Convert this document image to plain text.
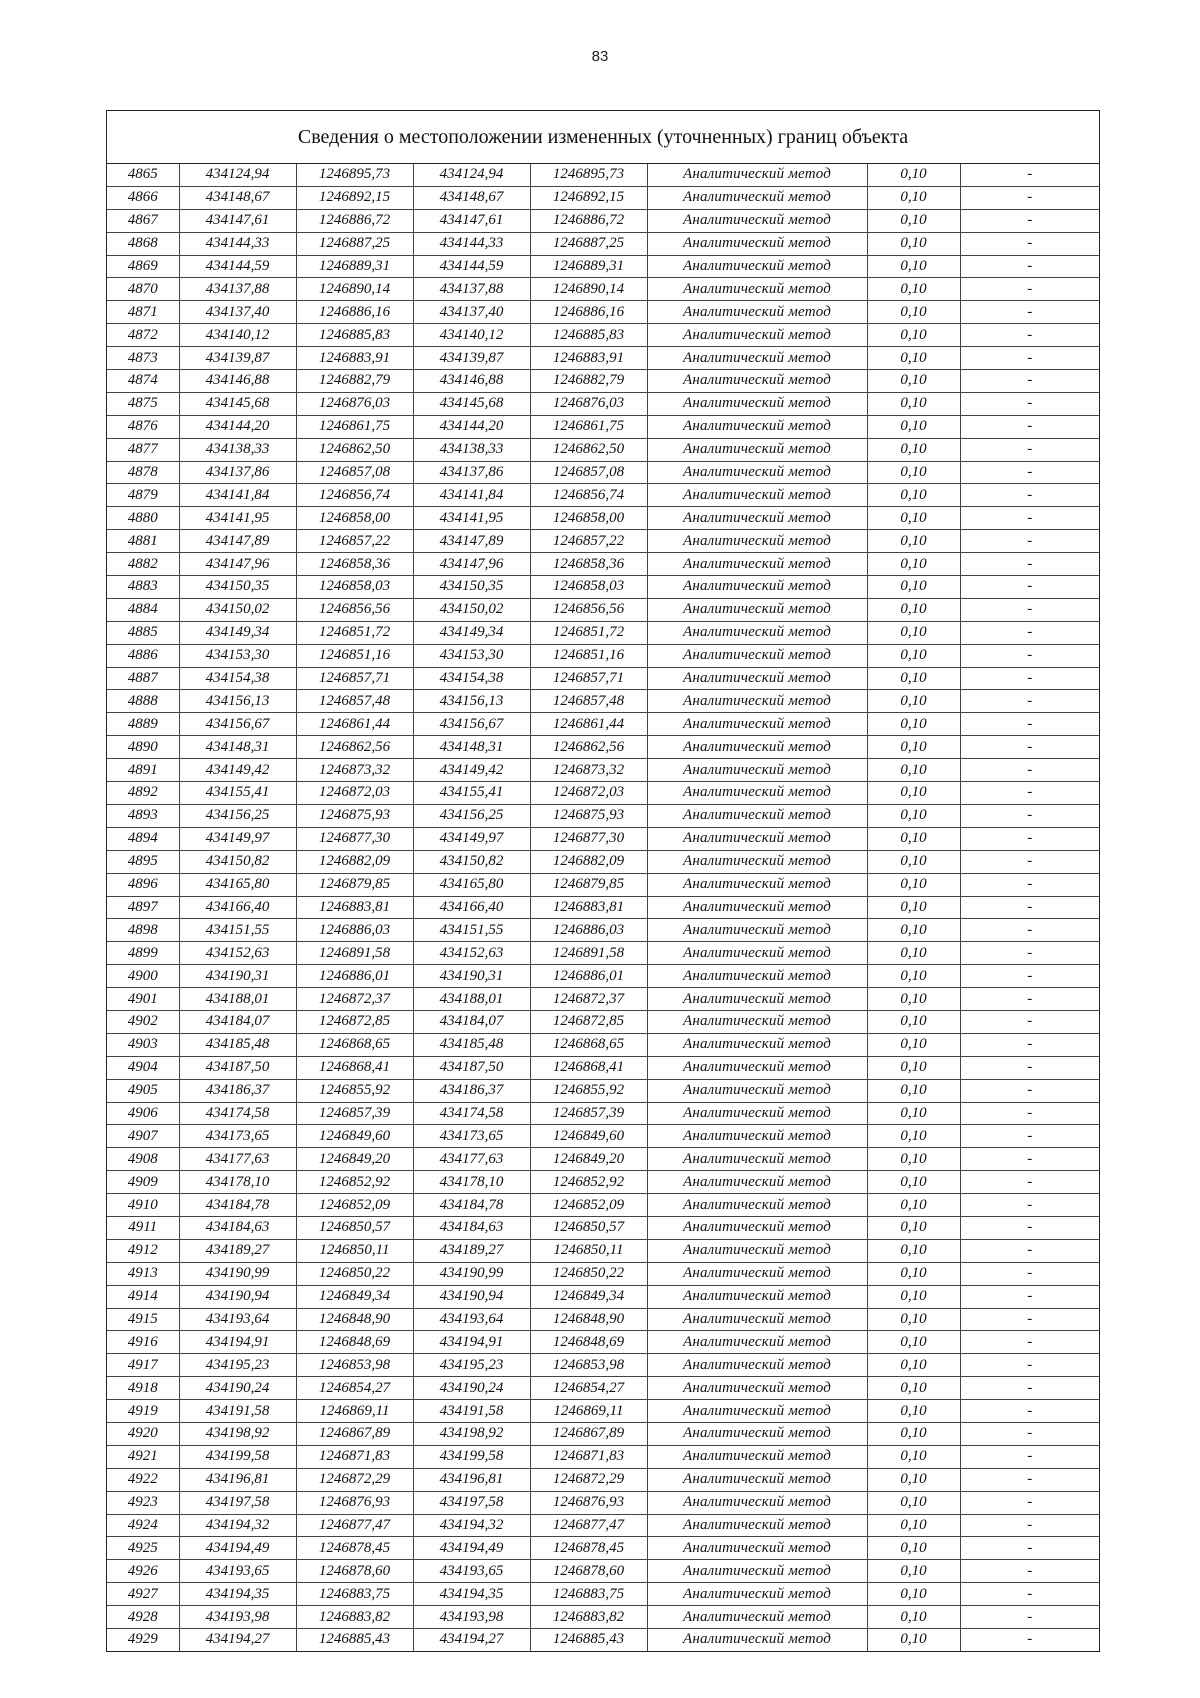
83
Сведения о местоположении измененных (уточненных) границ объекта
4865	434124,94	1246895,73	434124,94	1246895,73	Аналитический метод	0,10	-
4866	434148,67	1246892,15	434148,67	1246892,15	Аналитический метод	0,10	-
4867	434147,61	1246886,72	434147,61	1246886,72	Аналитический метод	0,10	-
4868	434144,33	1246887,25	434144,33	1246887,25	Аналитический метод	0,10	-
4869	434144,59	1246889,31	434144,59	1246889,31	Аналитический метод	0,10	-
4870	434137,88	1246890,14	434137,88	1246890,14	Аналитический метод	0,10	-
4871	434137,40	1246886,16	434137,40	1246886,16	Аналитический метод	0,10	-
4872	434140,12	1246885,83	434140,12	1246885,83	Аналитический метод	0,10	-
4873	434139,87	1246883,91	434139,87	1246883,91	Аналитический метод	0,10	-
4874	434146,88	1246882,79	434146,88	1246882,79	Аналитический метод	0,10	-
4875	434145,68	1246876,03	434145,68	1246876,03	Аналитический метод	0,10	-
4876	434144,20	1246861,75	434144,20	1246861,75	Аналитический метод	0,10	-
4877	434138,33	1246862,50	434138,33	1246862,50	Аналитический метод	0,10	-
4878	434137,86	1246857,08	434137,86	1246857,08	Аналитический метод	0,10	-
4879	434141,84	1246856,74	434141,84	1246856,74	Аналитический метод	0,10	-
4880	434141,95	1246858,00	434141,95	1246858,00	Аналитический метод	0,10	-
4881	434147,89	1246857,22	434147,89	1246857,22	Аналитический метод	0,10	-
4882	434147,96	1246858,36	434147,96	1246858,36	Аналитический метод	0,10	-
4883	434150,35	1246858,03	434150,35	1246858,03	Аналитический метод	0,10	-
4884	434150,02	1246856,56	434150,02	1246856,56	Аналитический метод	0,10	-
4885	434149,34	1246851,72	434149,34	1246851,72	Аналитический метод	0,10	-
4886	434153,30	1246851,16	434153,30	1246851,16	Аналитический метод	0,10	-
4887	434154,38	1246857,71	434154,38	1246857,71	Аналитический метод	0,10	-
4888	434156,13	1246857,48	434156,13	1246857,48	Аналитический метод	0,10	-
4889	434156,67	1246861,44	434156,67	1246861,44	Аналитический метод	0,10	-
4890	434148,31	1246862,56	434148,31	1246862,56	Аналитический метод	0,10	-
4891	434149,42	1246873,32	434149,42	1246873,32	Аналитический метод	0,10	-
4892	434155,41	1246872,03	434155,41	1246872,03	Аналитический метод	0,10	-
4893	434156,25	1246875,93	434156,25	1246875,93	Аналитический метод	0,10	-
4894	434149,97	1246877,30	434149,97	1246877,30	Аналитический метод	0,10	-
4895	434150,82	1246882,09	434150,82	1246882,09	Аналитический метод	0,10	-
4896	434165,80	1246879,85	434165,80	1246879,85	Аналитический метод	0,10	-
4897	434166,40	1246883,81	434166,40	1246883,81	Аналитический метод	0,10	-
4898	434151,55	1246886,03	434151,55	1246886,03	Аналитический метод	0,10	-
4899	434152,63	1246891,58	434152,63	1246891,58	Аналитический метод	0,10	-
4900	434190,31	1246886,01	434190,31	1246886,01	Аналитический метод	0,10	-
4901	434188,01	1246872,37	434188,01	1246872,37	Аналитический метод	0,10	-
4902	434184,07	1246872,85	434184,07	1246872,85	Аналитический метод	0,10	-
4903	434185,48	1246868,65	434185,48	1246868,65	Аналитический метод	0,10	-
4904	434187,50	1246868,41	434187,50	1246868,41	Аналитический метод	0,10	-
4905	434186,37	1246855,92	434186,37	1246855,92	Аналитический метод	0,10	-
4906	434174,58	1246857,39	434174,58	1246857,39	Аналитический метод	0,10	-
4907	434173,65	1246849,60	434173,65	1246849,60	Аналитический метод	0,10	-
4908	434177,63	1246849,20	434177,63	1246849,20	Аналитический метод	0,10	-
4909	434178,10	1246852,92	434178,10	1246852,92	Аналитический метод	0,10	-
4910	434184,78	1246852,09	434184,78	1246852,09	Аналитический метод	0,10	-
4911	434184,63	1246850,57	434184,63	1246850,57	Аналитический метод	0,10	-
4912	434189,27	1246850,11	434189,27	1246850,11	Аналитический метод	0,10	-
4913	434190,99	1246850,22	434190,99	1246850,22	Аналитический метод	0,10	-
4914	434190,94	1246849,34	434190,94	1246849,34	Аналитический метод	0,10	-
4915	434193,64	1246848,90	434193,64	1246848,90	Аналитический метод	0,10	-
4916	434194,91	1246848,69	434194,91	1246848,69	Аналитический метод	0,10	-
4917	434195,23	1246853,98	434195,23	1246853,98	Аналитический метод	0,10	-
4918	434190,24	1246854,27	434190,24	1246854,27	Аналитический метод	0,10	-
4919	434191,58	1246869,11	434191,58	1246869,11	Аналитический метод	0,10	-
4920	434198,92	1246867,89	434198,92	1246867,89	Аналитический метод	0,10	-
4921	434199,58	1246871,83	434199,58	1246871,83	Аналитический метод	0,10	-
4922	434196,81	1246872,29	434196,81	1246872,29	Аналитический метод	0,10	-
4923	434197,58	1246876,93	434197,58	1246876,93	Аналитический метод	0,10	-
4924	434194,32	1246877,47	434194,32	1246877,47	Аналитический метод	0,10	-
4925	434194,49	1246878,45	434194,49	1246878,45	Аналитический метод	0,10	-
4926	434193,65	1246878,60	434193,65	1246878,60	Аналитический метод	0,10	-
4927	434194,35	1246883,75	434194,35	1246883,75	Аналитический метод	0,10	-
4928	434193,98	1246883,82	434193,98	1246883,82	Аналитический метод	0,10	-
4929	434194,27	1246885,43	434194,27	1246885,43	Аналитический метод	0,10	-
